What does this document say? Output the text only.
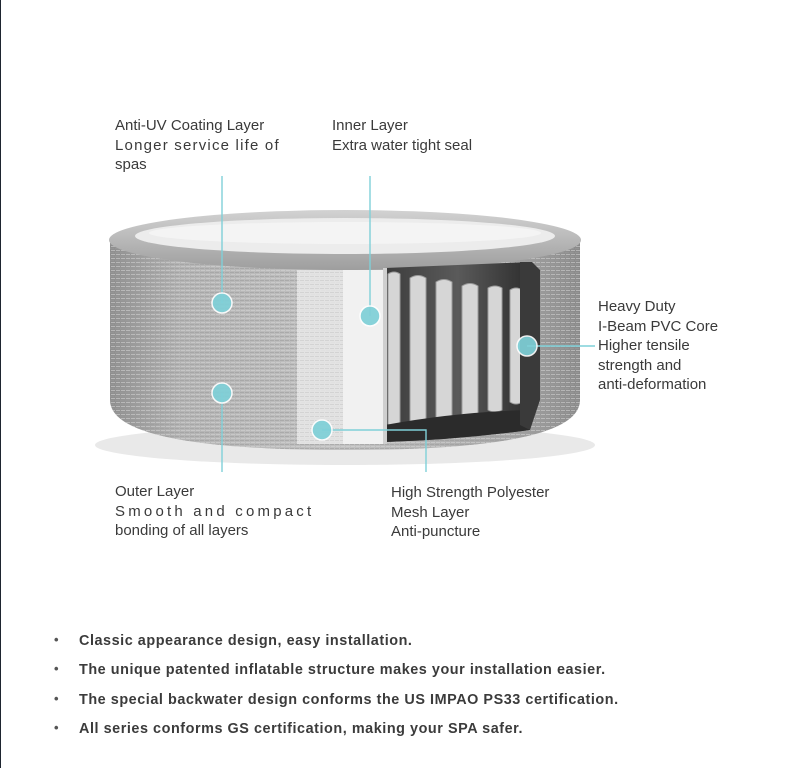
Anti-UV Coating Layer
Longer service life of
spas
Inner Layer
Extra water tight seal
Heavy Duty
I-Beam PVC Core
Higher tensile
strength and
anti-deformation
Outer Layer
Smooth and compact
bonding of all layers
High Strength Polyester
Mesh Layer
Anti-puncture
• Classic appearance design, easy installation.
• The unique patented inflatable structure makes your installation easier.
• The special backwater design conforms the US IMPAO PS33 certification.
• All series conforms GS certification, making your SPA safer.
